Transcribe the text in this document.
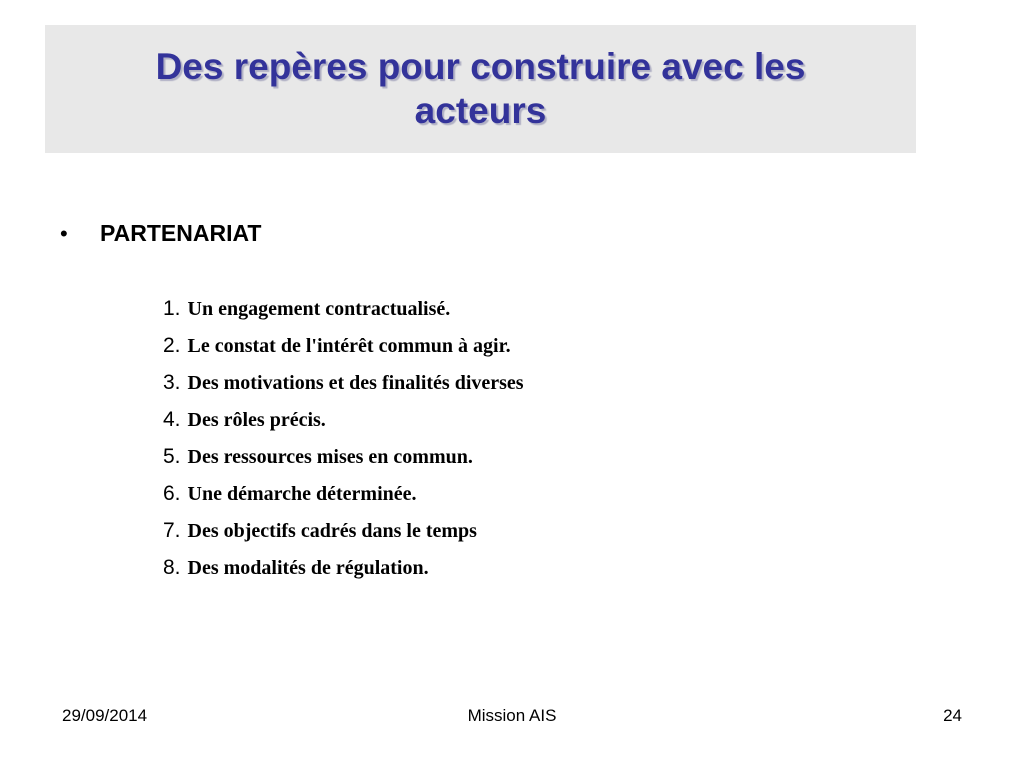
Des repères pour construire avec les acteurs
•	PARTENARIAT
1. Un engagement contractualisé.
2. Le constat de l'intérêt commun à agir.
3. Des motivations et des finalités diverses
4. Des rôles précis.
5. Des ressources mises en commun.
6. Une démarche déterminée.
7. Des objectifs cadrés dans le temps
8. Des modalités de régulation.
29/09/2014	Mission AIS	24
